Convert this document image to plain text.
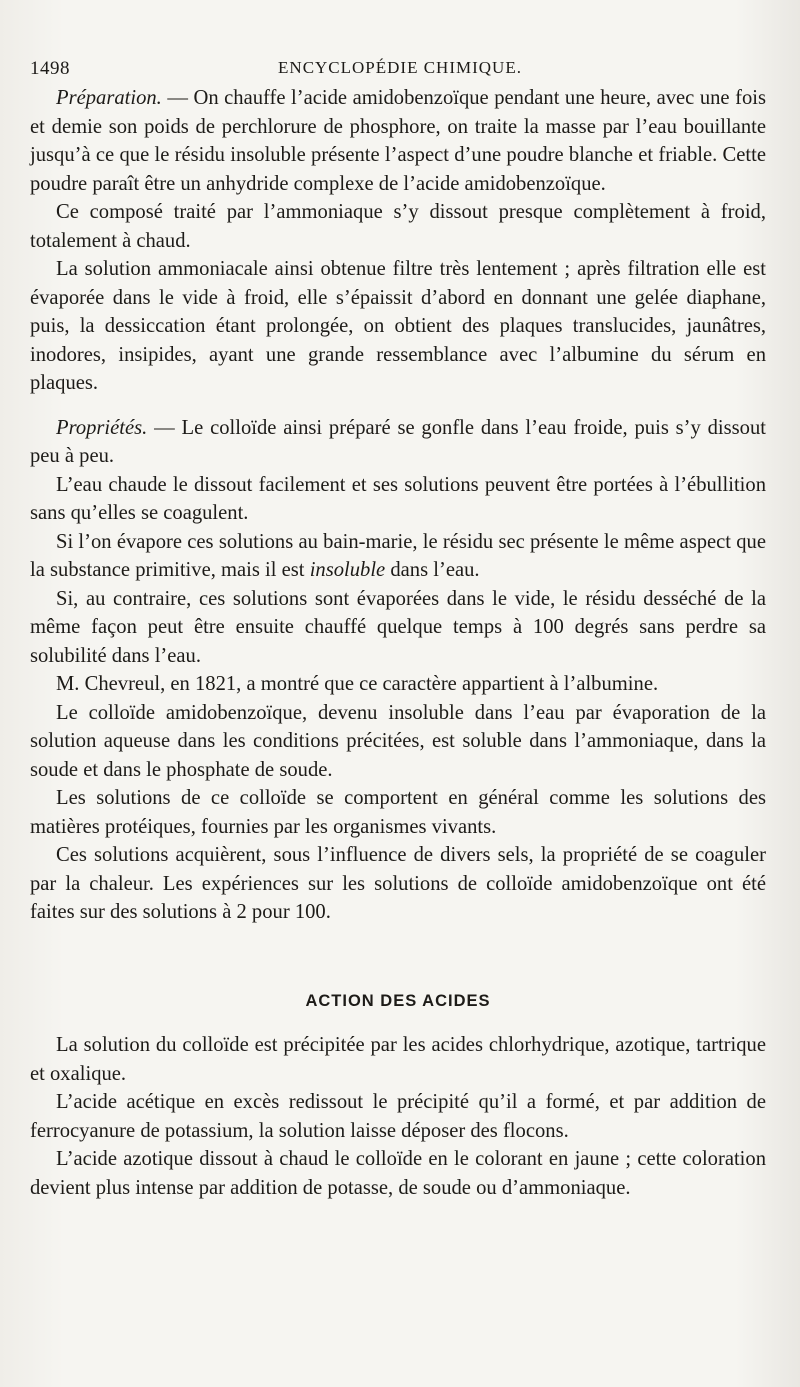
1498	ENCYCLOPÉDIE CHIMIQUE.

Préparation. — On chauffe l’acide amidobenzoïque pendant une heure, avec une fois et demie son poids de perchlorure de phosphore, on traite la masse par l’eau bouillante jusqu’à ce que le résidu insoluble présente l’aspect d’une poudre blanche et friable. Cette poudre paraît être un anhydride complexe de l’acide amidobenzoïque.

Ce composé traité par l’ammoniaque s’y dissout presque complètement à froid, totalement à chaud.

La solution ammoniacale ainsi obtenue filtre très lentement ; après filtration elle est évaporée dans le vide à froid, elle s’épaissit d’abord en donnant une gelée diaphane, puis, la dessiccation étant prolongée, on obtient des plaques translucides, jaunâtres, inodores, insipides, ayant une grande ressemblance avec l’albumine du sérum en plaques.

Propriétés. — Le colloïde ainsi préparé se gonfle dans l’eau froide, puis s’y dissout peu à peu.

L’eau chaude le dissout facilement et ses solutions peuvent être portées à l’ébullition sans qu’elles se coagulent.

Si l’on évapore ces solutions au bain-marie, le résidu sec présente le même aspect que la substance primitive, mais il est insoluble dans l’eau.

Si, au contraire, ces solutions sont évaporées dans le vide, le résidu desséché de la même façon peut être ensuite chauffé quelque temps à 100 degrés sans perdre sa solubilité dans l’eau.

M. Chevreul, en 1821, a montré que ce caractère appartient à l’albumine.

Le colloïde amidobenzoïque, devenu insoluble dans l’eau par évaporation de la solution aqueuse dans les conditions précitées, est soluble dans l’ammoniaque, dans la soude et dans le phosphate de soude.

Les solutions de ce colloïde se comportent en général comme les solutions des matières protéiques, fournies par les organismes vivants.

Ces solutions acquièrent, sous l’influence de divers sels, la propriété de se coaguler par la chaleur. Les expériences sur les solutions de colloïde amidobenzoïque ont été faites sur des solutions à 2 pour 100.

ACTION DES ACIDES

La solution du colloïde est précipitée par les acides chlorhydrique, azotique, tartrique et oxalique.

L’acide acétique en excès redissout le précipité qu’il a formé, et par addition de ferrocyanure de potassium, la solution laisse déposer des flocons.

L’acide azotique dissout à chaud le colloïde en le colorant en jaune ; cette coloration devient plus intense par addition de potasse, de soude ou d’ammoniaque.
